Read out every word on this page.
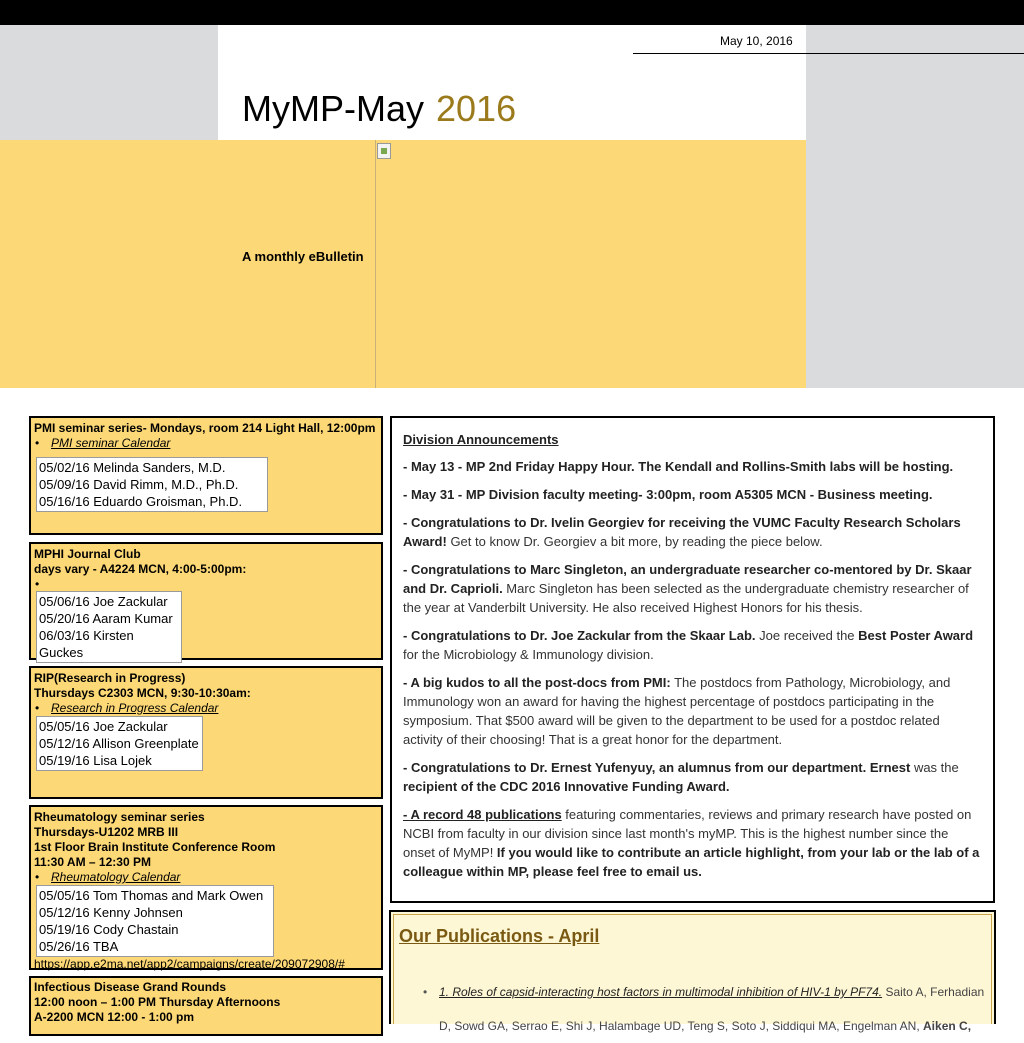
May 10, 2016
MyMP-May 2016
A monthly eBulletin
PMI seminar series- Mondays, room 214 Light Hall, 12:00pm
• PMI seminar Calendar
05/02/16 Melinda Sanders, M.D.
05/09/16 David Rimm, M.D., Ph.D.
05/16/16 Eduardo Groisman, Ph.D.
MPHI Journal Club
days vary - A4224 MCN, 4:00-5:00pm:
•
05/06/16 Joe Zackular
05/20/16 Aaram Kumar
06/03/16 Kirsten Guckes
RIP(Research in Progress)
Thursdays C2303 MCN, 9:30-10:30am:
• Research in Progress Calendar
05/05/16 Joe Zackular
05/12/16 Allison Greenplate
05/19/16 Lisa Lojek
Rheumatology seminar series
Thursdays-U1202 MRB III
1st Floor Brain Institute Conference Room
11:30 AM – 12:30 PM
• Rheumatology Calendar
05/05/16 Tom Thomas and Mark Owen
05/12/16 Kenny Johnsen
05/19/16 Cody Chastain
05/26/16 TBA
https://app.e2ma.net/app2/campaigns/create/209072908/#
Infectious Disease Grand Rounds
12:00 noon – 1:00 PM Thursday Afternoons
A-2200 MCN 12:00 - 1:00 pm
Division Announcements

- May 13 - MP 2nd Friday Happy Hour. The Kendall and Rollins-Smith labs will be hosting.

- May 31 - MP Division faculty meeting- 3:00pm, room A5305 MCN - Business meeting.

- Congratulations to Dr. Ivelin Georgiev for receiving the VUMC Faculty Research Scholars Award! Get to know Dr. Georgiev a bit more, by reading the piece below.

- Congratulations to Marc Singleton, an undergraduate researcher co-mentored by Dr. Skaar and Dr. Caprioli. Marc Singleton has been selected as the undergraduate chemistry researcher of the year at Vanderbilt University. He also received Highest Honors for his thesis.

- Congratulations to Dr. Joe Zackular from the Skaar Lab. Joe received the Best Poster Award for the Microbiology & Immunology division.

- A big kudos to all the post-docs from PMI: The postdocs from Pathology, Microbiology, and Immunology won an award for having the highest percentage of postdocs participating in the symposium. That $500 award will be given to the department to be used for a postdoc related activity of their choosing! That is a great honor for the department.

- Congratulations to Dr. Ernest Yufenyuy, an alumnus from our department. Ernest was the recipient of the CDC 2016 Innovative Funding Award.

- A record 48 publications featuring commentaries, reviews and primary research have posted on NCBI from faculty in our division since last month's myMP. This is the highest number since the onset of MyMP! If you would like to contribute an article highlight, from your lab or the lab of a colleague within MP, please feel free to email us.

Our Publications - April
• 1. Roles of capsid-interacting host factors in multimodal inhibition of HIV-1 by PF74. Saito A, Ferhadian D, Sowd GA, Serrao E, Shi J, Halambage UD, Teng S, Soto J, Siddiqui MA, Engelman AN, Aiken C,
